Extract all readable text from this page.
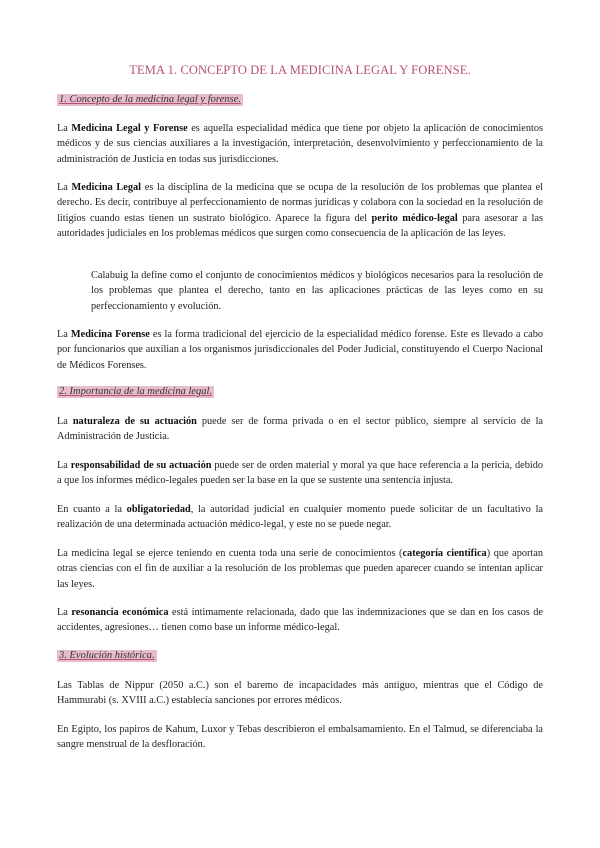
TEMA 1. CONCEPTO DE LA MEDICINA LEGAL Y FORENSE.
1. Concepto de la medicina legal y forense.

La Medicina Legal y Forense es aquella especialidad médica que tiene por objeto la aplicación de conocimientos médicos y de sus ciencias auxiliares a la investigación, interpretación, desenvolvimiento y perfeccionamiento de la administración de Justicia en todas sus jurisdicciones.

La Medicina Legal es la disciplina de la medicina que se ocupa de la resolución de los problemas que plantea el derecho. Es decir, contribuye al perfeccionamiento de normas jurídicas y colabora con la sociedad en la resolución de litigios cuando estas tienen un sustrato biológico. Aparece la figura del perito médico-legal para asesorar a las autoridades judiciales en los problemas médicos que surgen como consecuencia de la aplicación de las leyes.

Calabuig la define como el conjunto de conocimientos médicos y biológicos necesarios para la resolución de los problemas que plantea el derecho, tanto en las aplicaciones prácticas de las leyes como en su perfeccionamiento y evolución.

La Medicina Forense es la forma tradicional del ejercicio de la especialidad médico forense. Este es llevado a cabo por funcionarios que auxilian a los organismos jurisdiccionales del Poder Judicial, constituyendo el Cuerpo Nacional de Médicos Forenses.

2. Importancia de la medicina legal.

La naturaleza de su actuación puede ser de forma privada o en el sector público, siempre al servicio de la Administración de Justicia.

La responsabilidad de su actuación puede ser de orden material y moral ya que hace referencia a la pericia, debido a que los informes médico-legales pueden ser la base en la que se sustente una sentencia injusta.

En cuanto a la obligatoriedad, la autoridad judicial en cualquier momento puede solicitar de un facultativo la realización de una determinada actuación médico-legal, y este no se puede negar.

La medicina legal se ejerce teniendo en cuenta toda una serie de conocimientos (categoría científica) que aportan otras ciencias con el fin de auxiliar a la resolución de los problemas que pueden aparecer cuando se intentan aplicar las leyes.

La resonancia económica está íntimamente relacionada, dado que las indemnizaciones que se dan en los casos de accidentes, agresiones… tienen como base un informe médico-legal.

3. Evolución histórica.

Las Tablas de Nippur (2050 a.C.) son el baremo de incapacidades más antiguo, mientras que el Código de Hammurabi (s. XVIII a.C.) establecía sanciones por errores médicos.

En Egipto, los papiros de Kahum, Luxor y Tebas describieron el embalsamamiento. En el Talmud, se diferenciaba la sangre menstrual de la desfloración.
